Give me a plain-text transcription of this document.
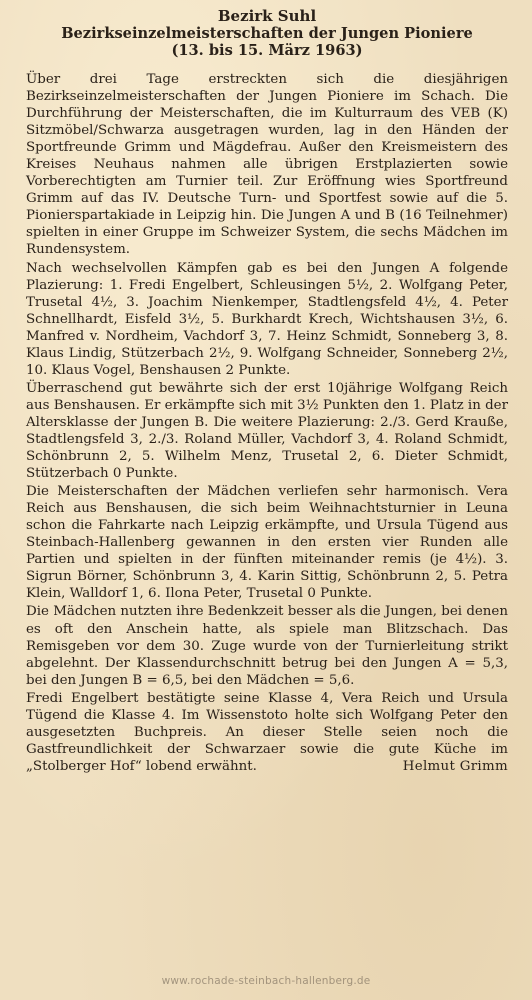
Bezirk Suhl

Bezirkseinzelmeisterschaften der Jungen Pioniere

(13. bis 15. März 1963)

Über drei Tage erstreckten sich die diesjährigen Bezirkseinzelmeisterschaften der Jungen Pioniere im Schach. Die Durchführung der Meisterschaften, die im Kulturraum des VEB (K) Sitzmöbel/Schwarza ausgetragen wurden, lag in den Händen der Sportfreunde Grimm und Mägdefrau. Außer den Kreismeistern des Kreises Neuhaus nahmen alle übrigen Erstplazierten sowie Vorberechtigten am Turnier teil. Zur Eröffnung wies Sportfreund Grimm auf das IV. Deutsche Turn- und Sportfest sowie auf die 5. Pionierspartakiade in Leipzig hin. Die Jungen A und B (16 Teilnehmer) spielten in einer Gruppe im Schweizer System, die sechs Mädchen im Rundensystem.

Nach wechselvollen Kämpfen gab es bei den Jungen A folgende Plazierung: 1. Fredi Engelbert, Schleusingen 5½, 2. Wolfgang Peter, Trusetal 4½, 3. Joachim Nienkemper, Stadtlengsfeld 4½, 4. Peter Schnellhardt, Eisfeld 3½, 5. Burkhardt Krech, Wichtshausen 3½, 6. Manfred v. Nordheim, Vachdorf 3, 7. Heinz Schmidt, Sonneberg 3, 8. Klaus Lindig, Stützerbach 2½, 9. Wolfgang Schneider, Sonneberg 2½, 10. Klaus Vogel, Benshausen 2 Punkte.

Überraschend gut bewährte sich der erst 10jährige Wolfgang Reich aus Benshausen. Er erkämpfte sich mit 3½ Punkten den 1. Platz in der Altersklasse der Jungen B. Die weitere Plazierung: 2./3. Gerd Krauße, Stadtlengsfeld 3, 2./3. Roland Müller, Vachdorf 3, 4. Roland Schmidt, Schönbrunn 2, 5. Wilhelm Menz, Trusetal 2, 6. Dieter Schmidt, Stützerbach 0 Punkte.

Die Meisterschaften der Mädchen verliefen sehr harmonisch. Vera Reich aus Benshausen, die sich beim Weihnachtsturnier in Leuna schon die Fahrkarte nach Leipzig erkämpfte, und Ursula Tügend aus Steinbach-Hallenberg gewannen in den ersten vier Runden alle Partien und spielten in der fünften miteinander remis (je 4½). 3. Sigrun Börner, Schönbrunn 3, 4. Karin Sittig, Schönbrunn 2, 5. Petra Klein, Walldorf 1, 6. Ilona Peter, Trusetal 0 Punkte.

Die Mädchen nutzten ihre Bedenkzeit besser als die Jungen, bei denen es oft den Anschein hatte, als spiele man Blitzschach. Das Remisgeben vor dem 30. Zuge wurde von der Turnierleitung strikt abgelehnt. Der Klassendurchschnitt betrug bei den Jungen A = 5,3, bei den Jungen B = 6,5, bei den Mädchen = 5,6.

Fredi Engelbert bestätigte seine Klasse 4, Vera Reich und Ursula Tügend die Klasse 4. Im Wissenstoto holte sich Wolfgang Peter den ausgesetzten Buchpreis. An dieser Stelle seien noch die Gastfreundlichkeit der Schwarzaer sowie die gute Küche im „Stolberger Hof“ lobend erwähnt.	Helmut Grimm

www.rochade-steinbach-hallenberg.de
